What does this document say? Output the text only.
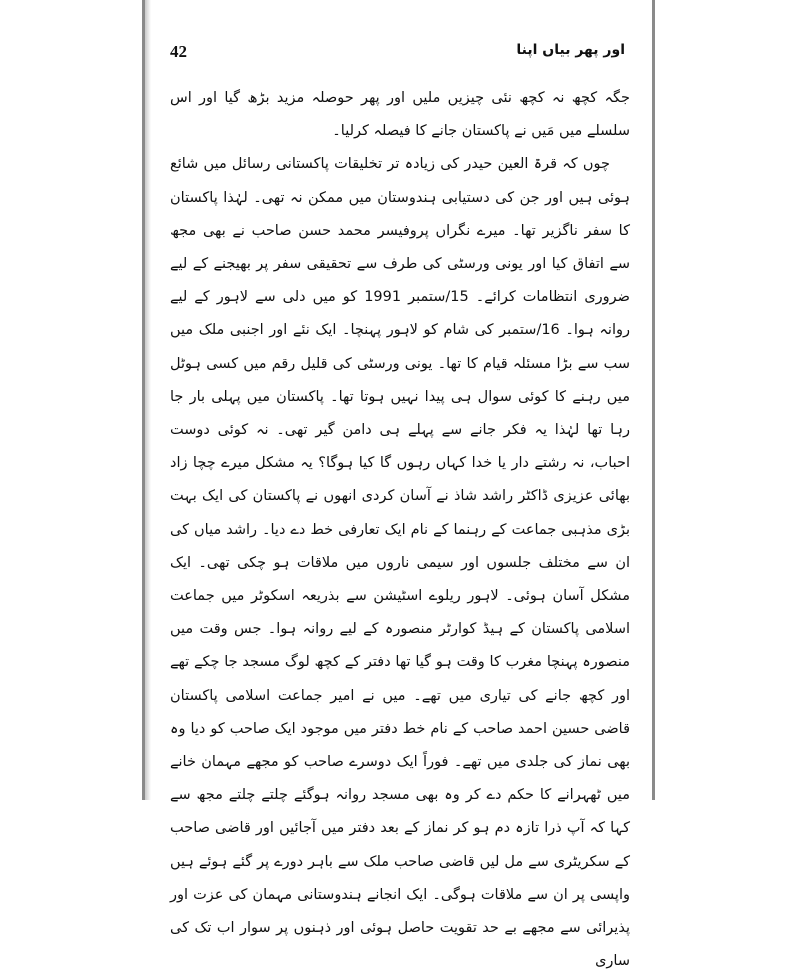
42	اور پھر بیاں اپنا

جگہ کچھ نہ کچھ نئی چیزیں ملیں اور پھر حوصلہ مزید بڑھ گیا اور اس سلسلے میں مَیں نے پاکستان جانے کا فیصلہ کرلیا۔

چوں کہ قرۃ العین حیدر کی زیادہ تر تخلیقات پاکستانی رسائل میں شائع ہوئی ہیں اور جن کی دستیابی ہندوستان میں ممکن نہ تھی۔ لہٰذا پاکستان کا سفر ناگزیر تھا۔ میرے نگراں پروفیسر محمد حسن صاحب نے بھی مجھ سے اتفاق کیا اور یونی ورسٹی کی طرف سے تحقیقی سفر پر بھیجنے کے لیے ضروری انتظامات کرائے۔ 15/ستمبر 1991 کو میں دلی سے لاہور کے لیے روانہ ہوا۔ 16/ستمبر کی شام کو لاہور پہنچا۔ ایک نئے اور اجنبی ملک میں سب سے بڑا مسئلہ قیام کا تھا۔ یونی ورسٹی کی قلیل رقم میں کسی ہوٹل میں رہنے کا کوئی سوال ہی پیدا نہیں ہوتا تھا۔ پاکستان میں پہلی بار جا رہا تھا لہٰذا یہ فکر جانے سے پہلے ہی دامن گیر تھی۔ نہ کوئی دوست احباب، نہ رشتے دار یا خدا کہاں رہوں گا کیا ہوگا؟ یہ مشکل میرے چچا زاد بھائی عزیزی ڈاکٹر راشد شاذ نے آسان کردی انھوں نے پاکستان کی ایک بہت بڑی مذہبی جماعت کے رہنما کے نام ایک تعارفی خط دے دیا۔ راشد میاں کی ان سے مختلف جلسوں اور سیمی ناروں میں ملاقات ہو چکی تھی۔ ایک مشکل آسان ہوئی۔ لاہور ریلوے اسٹیشن سے بذریعہ اسکوٹر میں جماعت اسلامی پاکستان کے ہیڈ کوارٹر منصورہ کے لیے روانہ ہوا۔ جس وقت میں منصورہ پہنچا مغرب کا وقت ہو گیا تھا دفتر کے کچھ لوگ مسجد جا چکے تھے اور کچھ جانے کی تیاری میں تھے۔ میں نے امیر جماعت اسلامی پاکستان قاضی حسین احمد صاحب کے نام خط دفتر میں موجود ایک صاحب کو دیا وہ بھی نماز کی جلدی میں تھے۔ فوراً ایک دوسرے صاحب کو مجھے مہمان خانے میں ٹھہرانے کا حکم دے کر وہ بھی مسجد روانہ ہوگئے چلتے چلتے مجھ سے کہا کہ آپ ذرا تازہ دم ہو کر نماز کے بعد دفتر میں آجائیں اور قاضی صاحب کے سکریٹری سے مل لیں قاضی صاحب ملک سے باہر دورے پر گئے ہوئے ہیں واپسی پر ان سے ملاقات ہوگی۔ ایک انجانے ہندوستانی مہمان کی عزت اور پذیرائی سے مجھے بے حد تقویت حاصل ہوئی اور ذہنوں پر سوار اب تک کی ساری
